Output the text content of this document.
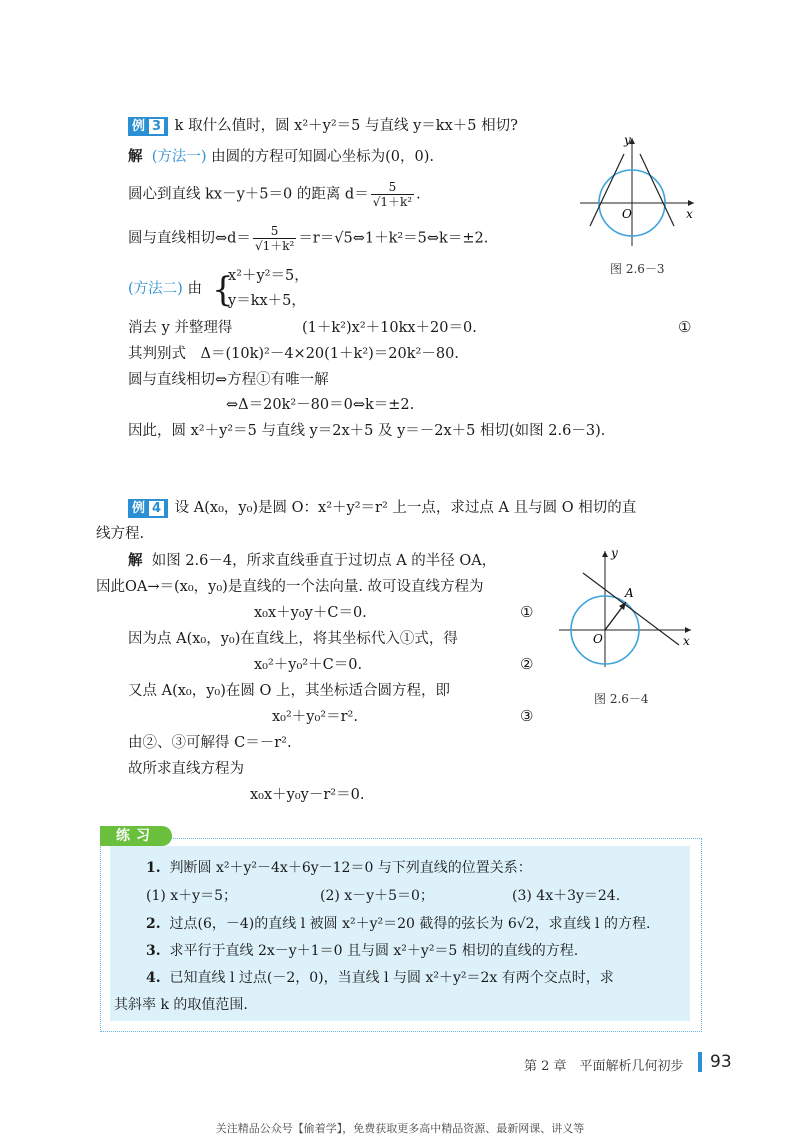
例 3 k 取什么值时，圆 x²＋y²＝5 与直线 y＝kx＋5 相切?
解 (方法一) 由圆的方程可知圆心坐标为(0，0).
圆心到直线 kx－y＋5＝0 的距离 $d= \frac{5}{\text{√1＋k²}}$ .
圆与直线相切⇔d＝ $\frac{5}{\text{√1＋k²}}$ ＝r＝√5⇔1＋k²＝5⇔k＝±2.
(方法二) 由 {
x²＋y²＝5，
y＝kx＋5，
消去 y 并整理得	(1＋k²)x²＋10kx＋20＝0.	①
其判别式　Δ＝(10k)²－4×20(1＋k²)＝20k²－80.
圆与直线相切⇔方程①有唯一解
⇔Δ＝20k²－80＝0⇔k＝±2.
因此，圆 x²＋y²＝5 与直线 y＝2x＋5 及 y＝－2x＋5 相切(如图 2.6－3).
y
x
O
图 2.6－3
例 4 设 A(x₀，y₀)是圆 O：x²＋y²＝r² 上一点，求过点 A 且与圆 O 相切的直
线方程.
解 如图 2.6－4，所求直线垂直于过切点 A 的半径 OA，
因此OA→＝(x₀，y₀)是直线的一个法向量. 故可设直线方程为
x₀x＋y₀y＋C＝0.	①
因为点 A(x₀，y₀)在直线上，将其坐标代入①式，得
x₀²＋y₀²＋C＝0.	②
又点 A(x₀，y₀)在圆 O 上，其坐标适合圆方程，即
x₀²＋y₀²＝r².	③
由②、③可解得 C＝－r².
故所求直线方程为
x₀x＋y₀y－r²＝0.
y
x
O
A
图 2.6－4
练习
1. 判断圆 x²＋y²－4x＋6y－12＝0 与下列直线的位置关系：
(1) x＋y＝5；	(2) x－y＋5＝0；	(3) 4x＋3y＝24.
2. 过点(6，－4)的直线 l 被圆 x²＋y²＝20 截得的弦长为 6√2，求直线 l 的方程.
3. 求平行于直线 2x－y＋1＝0 且与圆 x²＋y²＝5 相切的直线的方程.
4. 已知直线 l 过点(－2，0)，当直线 l 与圆 x²＋y²＝2x 有两个交点时，求
其斜率 k 的取值范围.
第 2 章　平面解析几何初步 93
关注精品公众号【偷着学】，免费获取更多高中精品资源、最新网课、讲义等
